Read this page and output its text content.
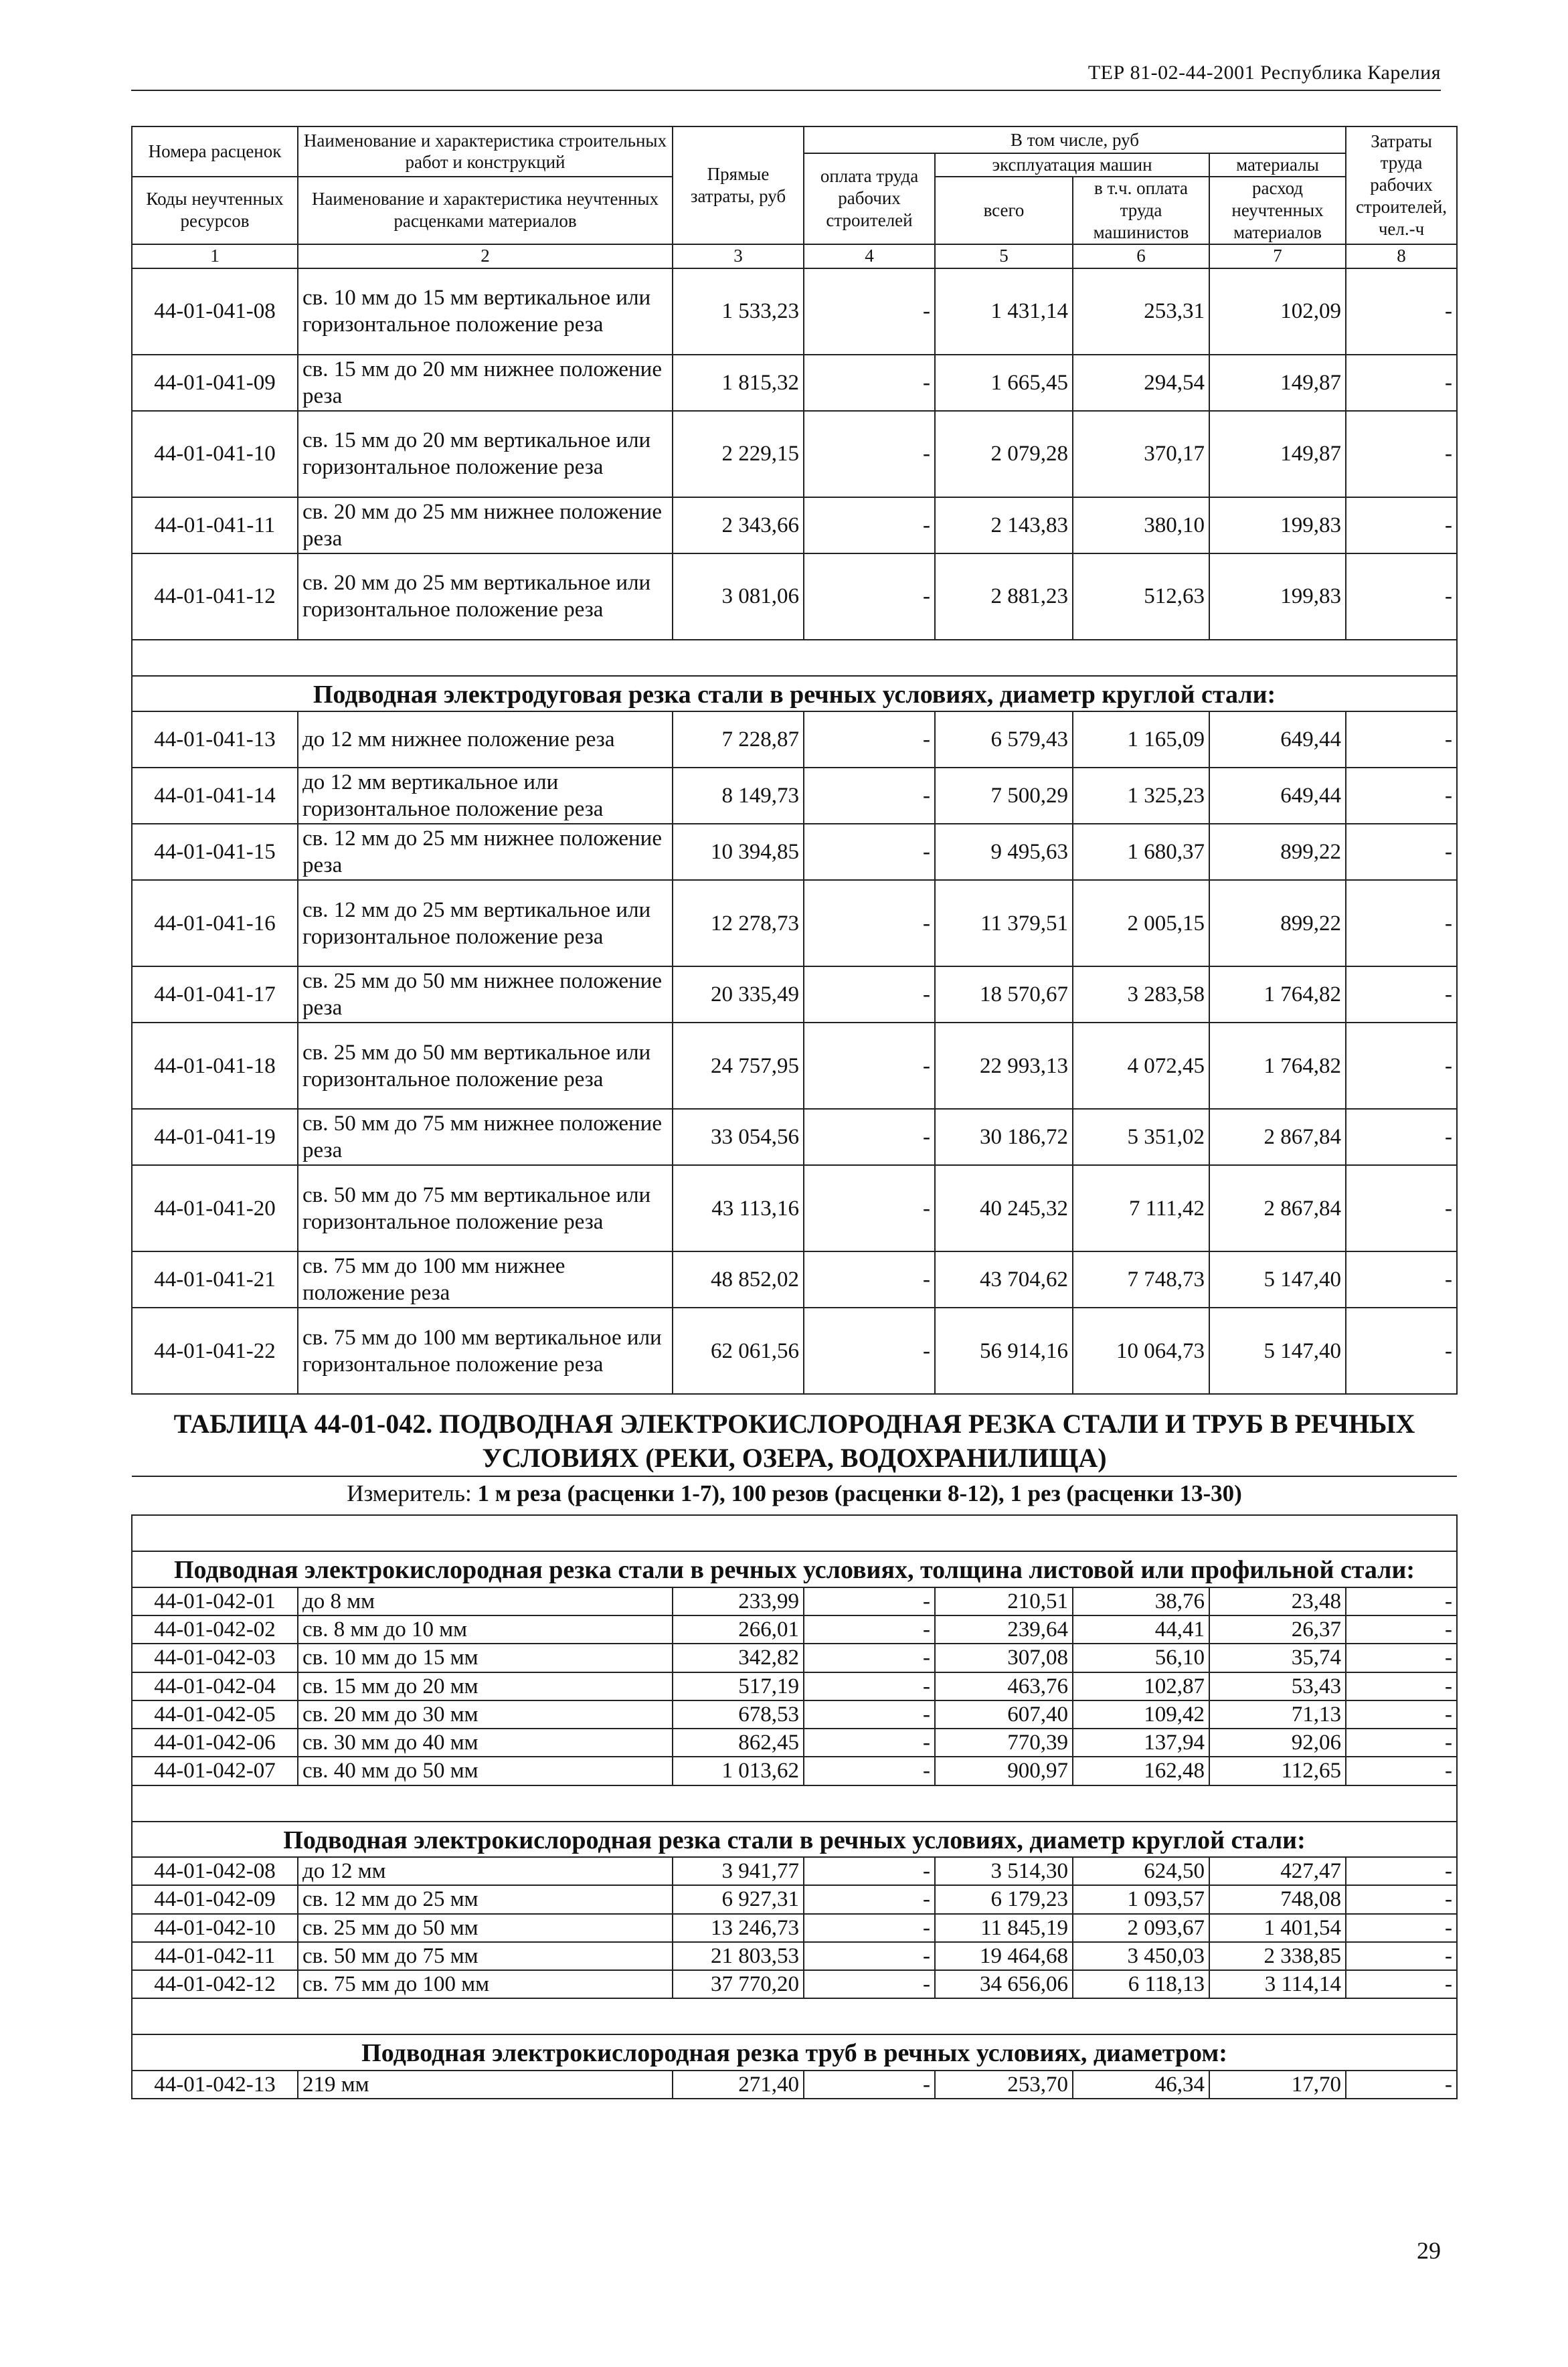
ТЕР 81-02-44-2001 Республика Карелия
Номера расценок	Наименование и характеристика строительных работ и конструкций	Прямые затраты, руб	В том числе, руб				Затраты труда рабочих строителей, чел.-ч
			оплата труда рабочих строителей	эксплуатация машин		материалы	
Коды неучтенных ресурсов	Наименование и характеристика неучтенных расценками материалов			всего	в т.ч. оплата труда машинистов	расход неучтенных материалов	

1	2	3	4	5	6	7	8
44-01-041-08	св. 10 мм до 15 мм вертикальное или горизонтальное положение реза	1 533,23	-	1 431,14	253,31	102,09	-
44-01-041-09	св. 15 мм до 20 мм нижнее положение реза	1 815,32	-	1 665,45	294,54	149,87	-
44-01-041-10	св. 15 мм до 20 мм вертикальное или горизонтальное положение реза	2 229,15	-	2 079,28	370,17	149,87	-
44-01-041-11	св. 20 мм до 25 мм нижнее положение реза	2 343,66	-	2 143,83	380,10	199,83	-
44-01-041-12	св. 20 мм до 25 мм вертикальное или горизонтальное положение реза	3 081,06	-	2 881,23	512,63	199,83	-

Подводная электродуговая резка стали в речных условиях, диаметр круглой стали:							
44-01-041-13	до 12 мм нижнее положение реза	7 228,87	-	6 579,43	1 165,09	649,44	-
44-01-041-14	до 12 мм вертикальное или горизонтальное положение реза	8 149,73	-	7 500,29	1 325,23	649,44	-
44-01-041-15	св. 12 мм до 25 мм нижнее положение реза	10 394,85	-	9 495,63	1 680,37	899,22	-
44-01-041-16	св. 12 мм до 25 мм вертикальное или горизонтальное положение реза	12 278,73	-	11 379,51	2 005,15	899,22	-
44-01-041-17	св. 25 мм до 50 мм нижнее положение реза	20 335,49	-	18 570,67	3 283,58	1 764,82	-
44-01-041-18	св. 25 мм до 50 мм вертикальное или горизонтальное положение реза	24 757,95	-	22 993,13	4 072,45	1 764,82	-
44-01-041-19	св. 50 мм до 75 мм нижнее положение реза	33 054,56	-	30 186,72	5 351,02	2 867,84	-
44-01-041-20	св. 50 мм до 75 мм вертикальное или горизонтальное положение реза	43 113,16	-	40 245,32	7 111,42	2 867,84	-
44-01-041-21	св. 75 мм до 100 мм нижнее положение реза	48 852,02	-	43 704,62	7 748,73	5 147,40	-
44-01-041-22	св. 75 мм до 100 мм вертикальное или горизонтальное положение реза	62 061,56	-	56 914,16	10 064,73	5 147,40	-
ТАБЛИЦА 44-01-042. ПОДВОДНАЯ ЭЛЕКТРОКИСЛОРОДНАЯ РЕЗКА СТАЛИ И ТРУБ В РЕЧНЫХ УСЛОВИЯХ (РЕКИ, ОЗЕРА, ВОДОХРАНИЛИЩА)							
Измеритель: 1 м реза (расценки 1-7), 100 резов (расценки 8-12), 1 рез (расценки 13-30)							

Подводная электрокислородная резка стали в речных условиях, толщина листовой или профильной стали:							
44-01-042-01	до 8 мм	233,99	-	210,51	38,76	23,48	-
44-01-042-02	св. 8 мм до 10 мм	266,01	-	239,64	44,41	26,37	-
44-01-042-03	св. 10 мм до 15 мм	342,82	-	307,08	56,10	35,74	-
44-01-042-04	св. 15 мм до 20 мм	517,19	-	463,76	102,87	53,43	-
44-01-042-05	св. 20 мм до 30 мм	678,53	-	607,40	109,42	71,13	-
44-01-042-06	св. 30 мм до 40 мм	862,45	-	770,39	137,94	92,06	-
44-01-042-07	св. 40 мм до 50 мм	1 013,62	-	900,97	162,48	112,65	-

Подводная электрокислородная резка стали в речных условиях, диаметр круглой стали:							
44-01-042-08	до 12 мм	3 941,77	-	3 514,30	624,50	427,47	-
44-01-042-09	св. 12 мм до 25 мм	6 927,31	-	6 179,23	1 093,57	748,08	-
44-01-042-10	св. 25 мм до 50 мм	13 246,73	-	11 845,19	2 093,67	1 401,54	-
44-01-042-11	св. 50 мм до 75 мм	21 803,53	-	19 464,68	3 450,03	2 338,85	-
44-01-042-12	св. 75 мм до 100 мм	37 770,20	-	34 656,06	6 118,13	3 114,14	-

Подводная электрокислородная резка труб в речных условиях, диаметром:							
44-01-042-13	219 мм	271,40	-	253,70	46,34	17,70	-
29
